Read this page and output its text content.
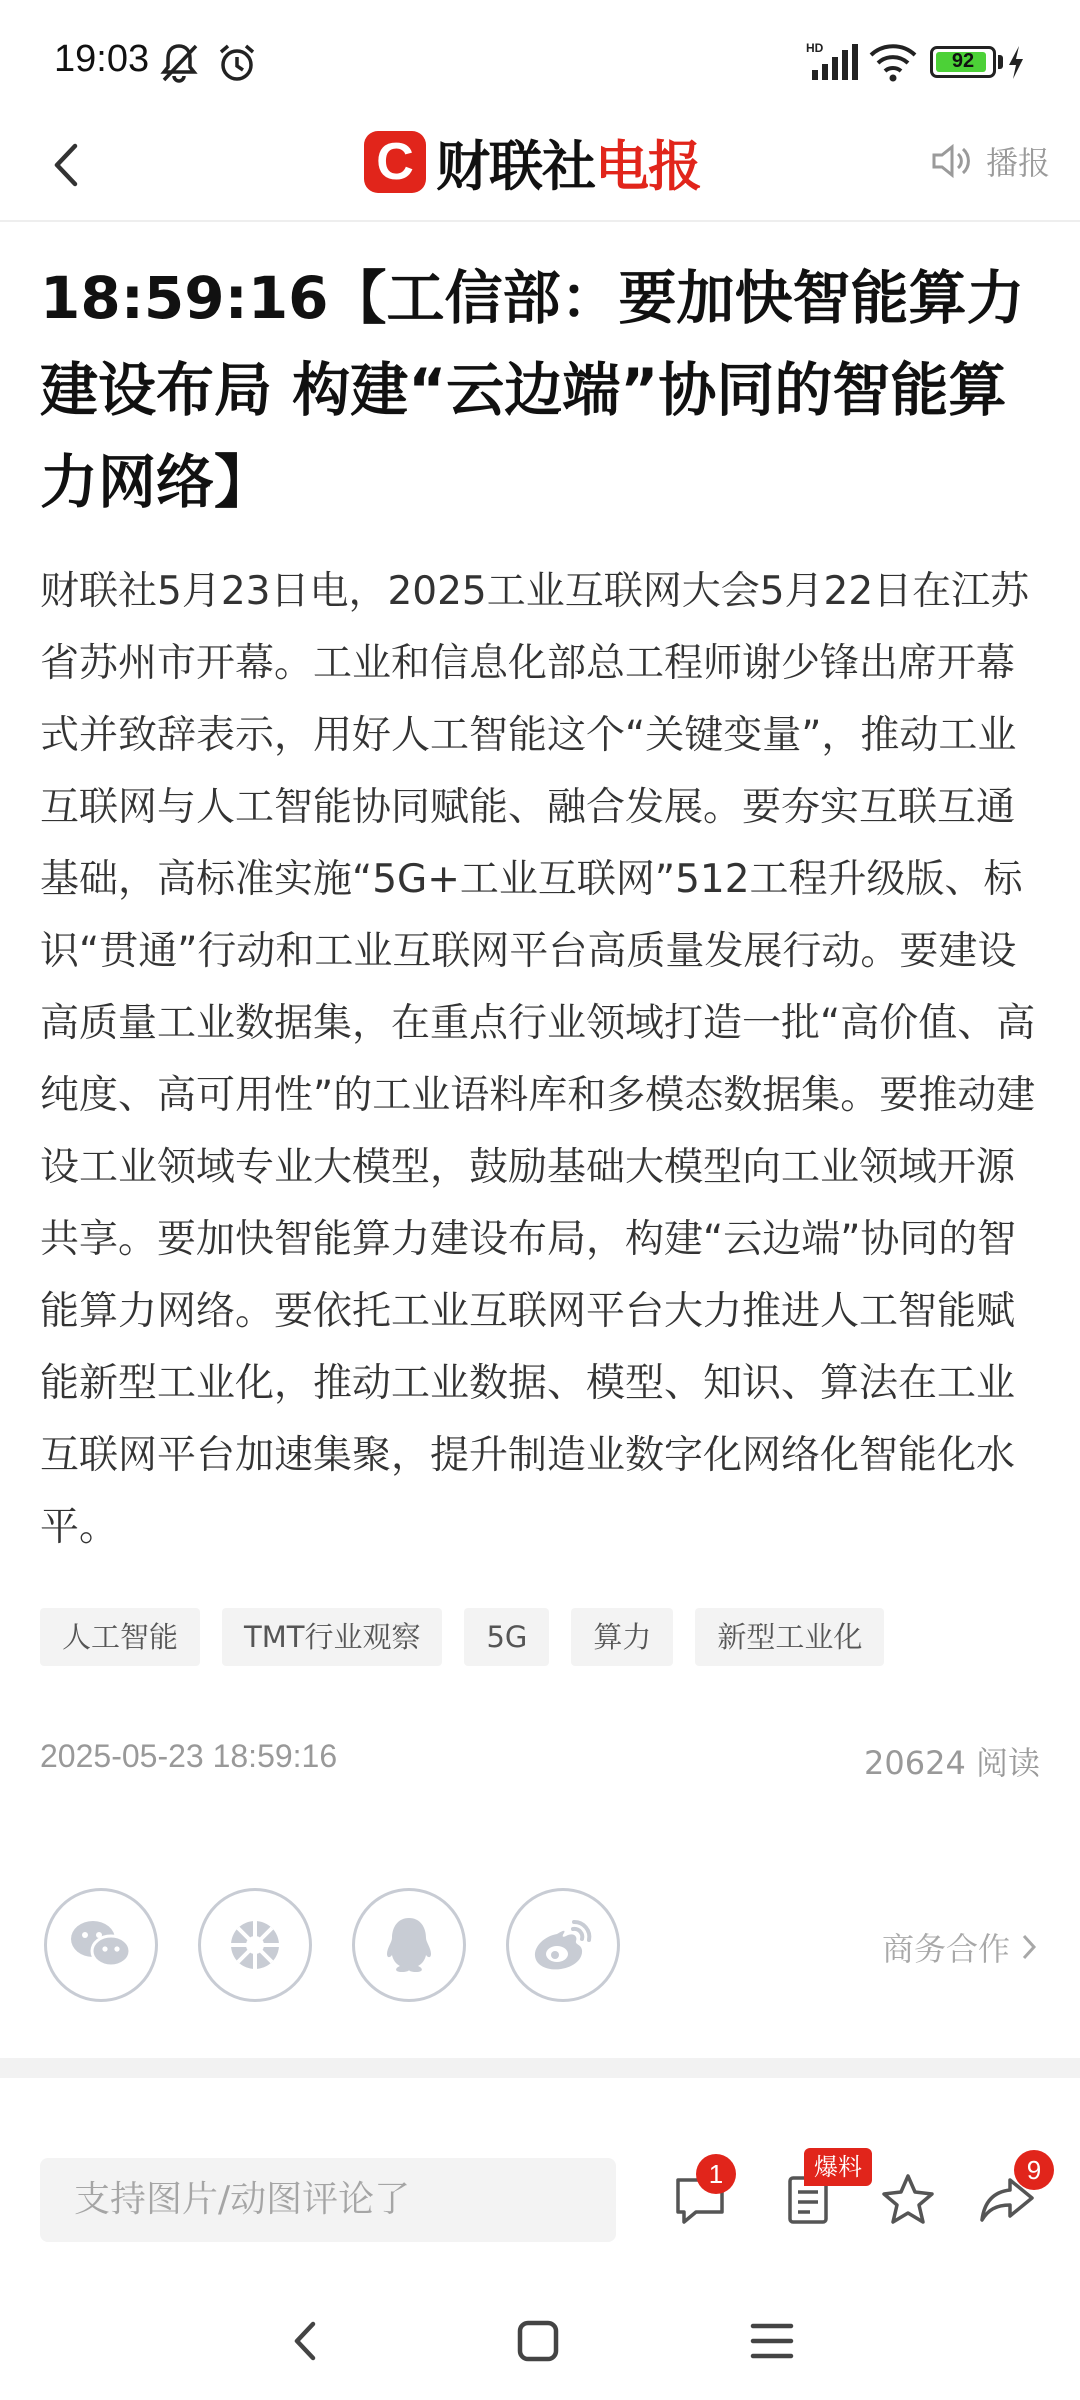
19:03	HD
92
C 财联社电报	播报
18:59:16【工信部：要加快智能算力建设布局 构建“云边端”协同的智能算力网络】
财联社5月23日电，2025工业互联网大会5月22日在江苏省苏州市开幕。工业和信息化部总工程师谢少锋出席开幕式并致辞表示，用好人工智能这个“关键变量”，推动工业互联网与人工智能协同赋能、融合发展。要夯实互联互通基础，高标准实施“5G+工业互联网”512工程升级版、标识“贯通”行动和工业互联网平台高质量发展行动。要建设高质量工业数据集，在重点行业领域打造一批“高价值、高纯度、高可用性”的工业语料库和多模态数据集。要推动建设工业领域专业大模型，鼓励基础大模型向工业领域开源共享。要加快智能算力建设布局，构建“云边端”协同的智能算力网络。要依托工业互联网平台大力推进人工智能赋能新型工业化，推动工业数据、模型、知识、算法在工业互联网平台加速集聚，提升制造业数字化网络化智能化水平。
人工智能	TMT行业观察	5G	算力	新型工业化
2025-05-23 18:59:16	20624 阅读
商务合作
支持图片/动图评论了
1	爆料	9
